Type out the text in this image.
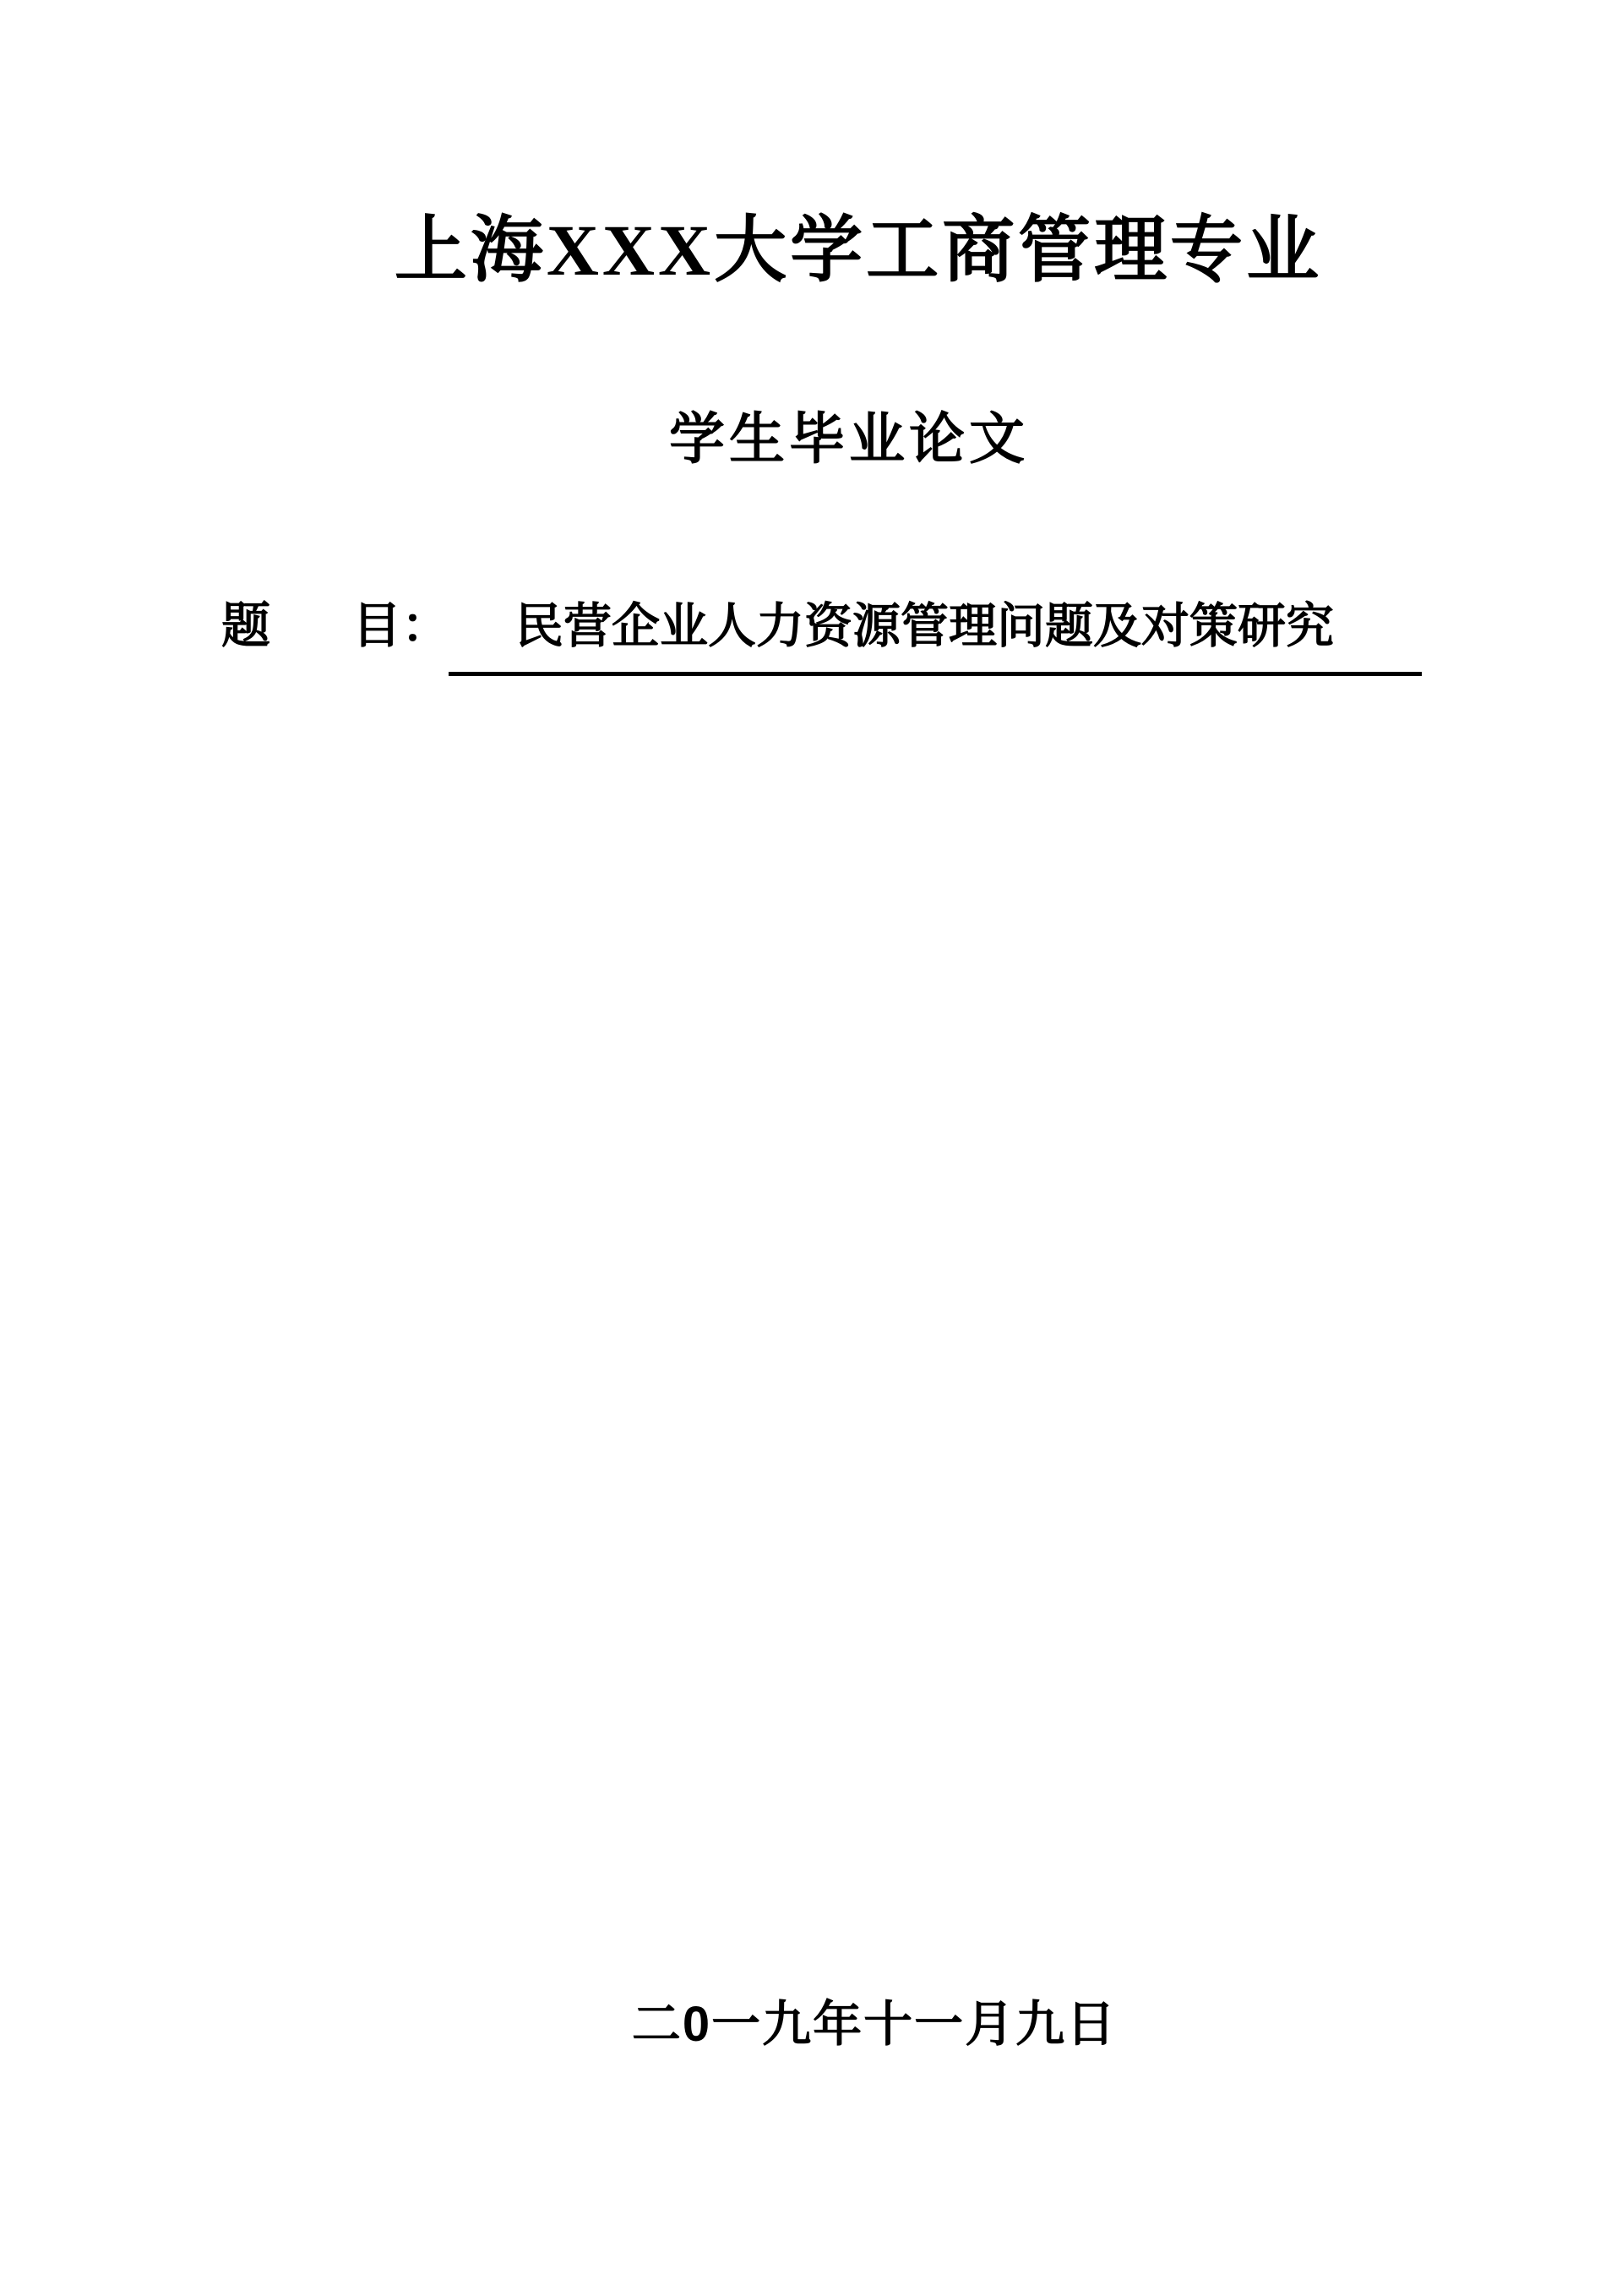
上海XXX大学工商管理专业
学生毕业论文
题 目： 民营企业人力资源管理问题及对策研究
二0一九年十一月九日
